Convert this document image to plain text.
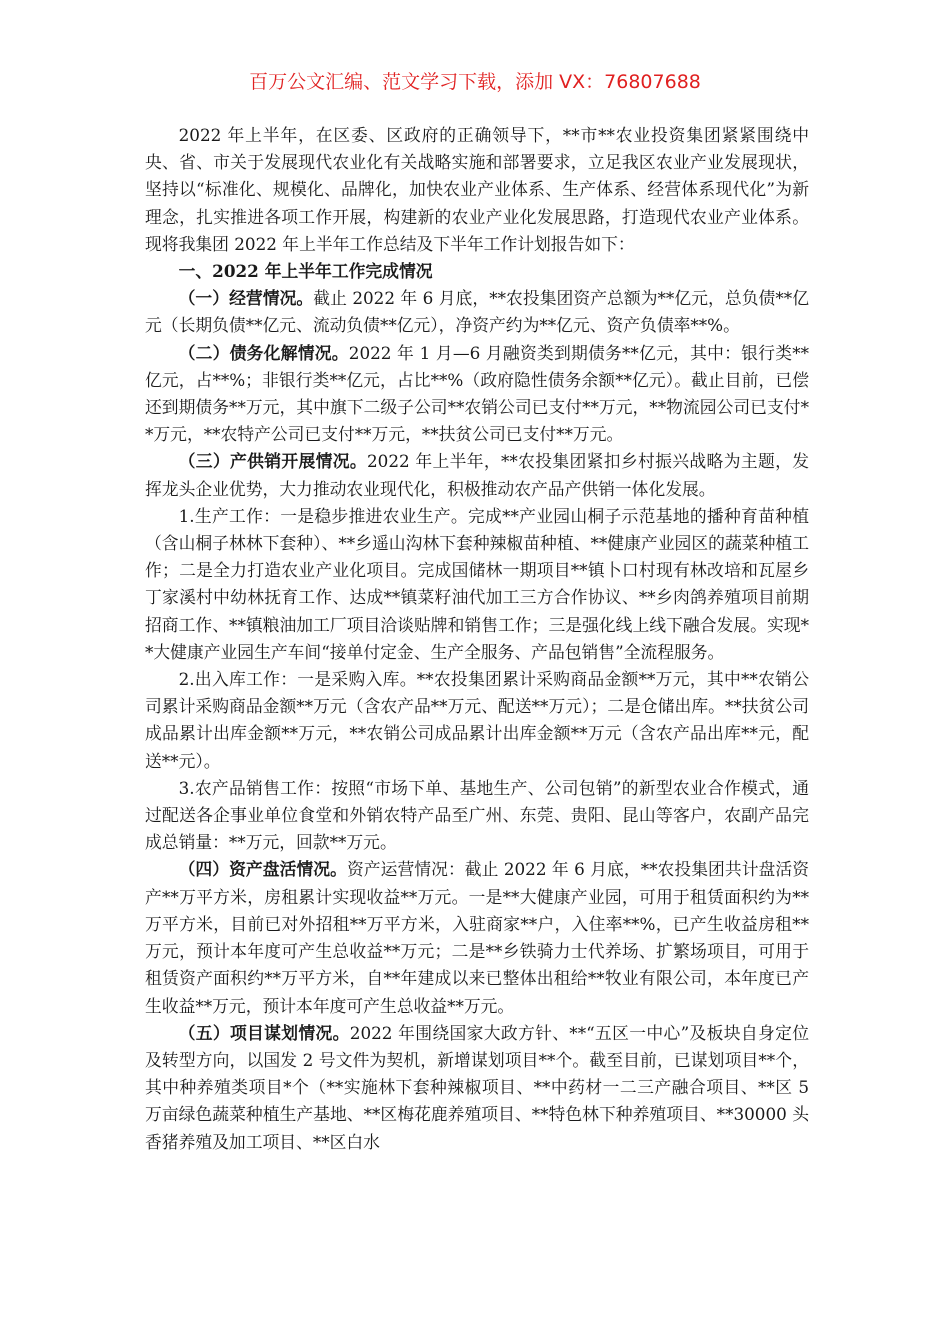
百万公文汇编、范文学习下载，添加 VX：76807688

2022 年上半年，在区委、区政府的正确领导下，**市**农业投资集团紧紧围绕中央、省、市关于发展现代农业化有关战略实施和部署要求，立足我区农业产业发展现状，坚持以“标准化、规模化、品牌化，加快农业产业体系、生产体系、经营体系现代化”为新理念，扎实推进各项工作开展，构建新的农业产业化发展思路，打造现代农业产业体系。现将我集团 2022 年上半年工作总结及下半年工作计划报告如下：

一、2022 年上半年工作完成情况

（一）经营情况。截止 2022 年 6 月底，**农投集团资产总额为**亿元，总负债**亿元（长期负债**亿元、流动负债**亿元），净资产约为**亿元、资产负债率**%。

（二）债务化解情况。2022 年 1 月—6 月融资类到期债务**亿元，其中：银行类**亿元，占**%；非银行类**亿元，占比**%（政府隐性债务余额**亿元）。截止目前，已偿还到期债务**万元，其中旗下二级子公司**农销公司已支付**万元，**物流园公司已支付**万元，**农特产公司已支付**万元，**扶贫公司已支付**万元。

（三）产供销开展情况。2022 年上半年，**农投集团紧扣乡村振兴战略为主题，发挥龙头企业优势，大力推动农业现代化，积极推动农产品产供销一体化发展。

1.生产工作：一是稳步推进农业生产。完成**产业园山桐子示范基地的播种育苗种植（含山桐子林林下套种）、**乡遥山沟林下套种辣椒苗种植、**健康产业园区的蔬菜种植工作；二是全力打造农业产业化项目。完成国储林一期项目**镇卜口村现有林改培和瓦屋乡丁家溪村中幼林抚育工作、达成**镇菜籽油代加工三方合作协议、**乡肉鸽养殖项目前期招商工作、**镇粮油加工厂项目洽谈贴牌和销售工作；三是强化线上线下融合发展。实现**大健康产业园生产车间“接单付定金、生产全服务、产品包销售”全流程服务。

2.出入库工作：一是采购入库。**农投集团累计采购商品金额**万元，其中**农销公司累计采购商品金额**万元（含农产品**万元、配送**万元）；二是仓储出库。**扶贫公司成品累计出库金额**万元，**农销公司成品累计出库金额**万元（含农产品出库**元，配送**元）。

3.农产品销售工作：按照“市场下单、基地生产、公司包销”的新型农业合作模式，通过配送各企事业单位食堂和外销农特产品至广州、东莞、贵阳、昆山等客户，农副产品完成总销量：**万元，回款**万元。

（四）资产盘活情况。资产运营情况：截止 2022 年 6 月底，**农投集团共计盘活资产**万平方米，房租累计实现收益**万元。一是**大健康产业园，可用于租赁面积约为**万平方米，目前已对外招租**万平方米，入驻商家**户，入住率**%，已产生收益房租**万元，预计本年度可产生总收益**万元；二是**乡铁骑力士代养场、扩繁场项目，可用于租赁资产面积约**万平方米，自**年建成以来已整体出租给**牧业有限公司，本年度已产生收益**万元，预计本年度可产生总收益**万元。

（五）项目谋划情况。2022 年围绕国家大政方针、**“五区一中心”及板块自身定位及转型方向，以国发 2 号文件为契机，新增谋划项目**个。截至目前，已谋划项目**个，其中种养殖类项目*个（**实施林下套种辣椒项目、**中药材一二三产融合项目、**区 5 万亩绿色蔬菜种植生产基地、**区梅花鹿养殖项目、**特色林下种养殖项目、**30000 头香猪养殖及加工项目、**区白水
